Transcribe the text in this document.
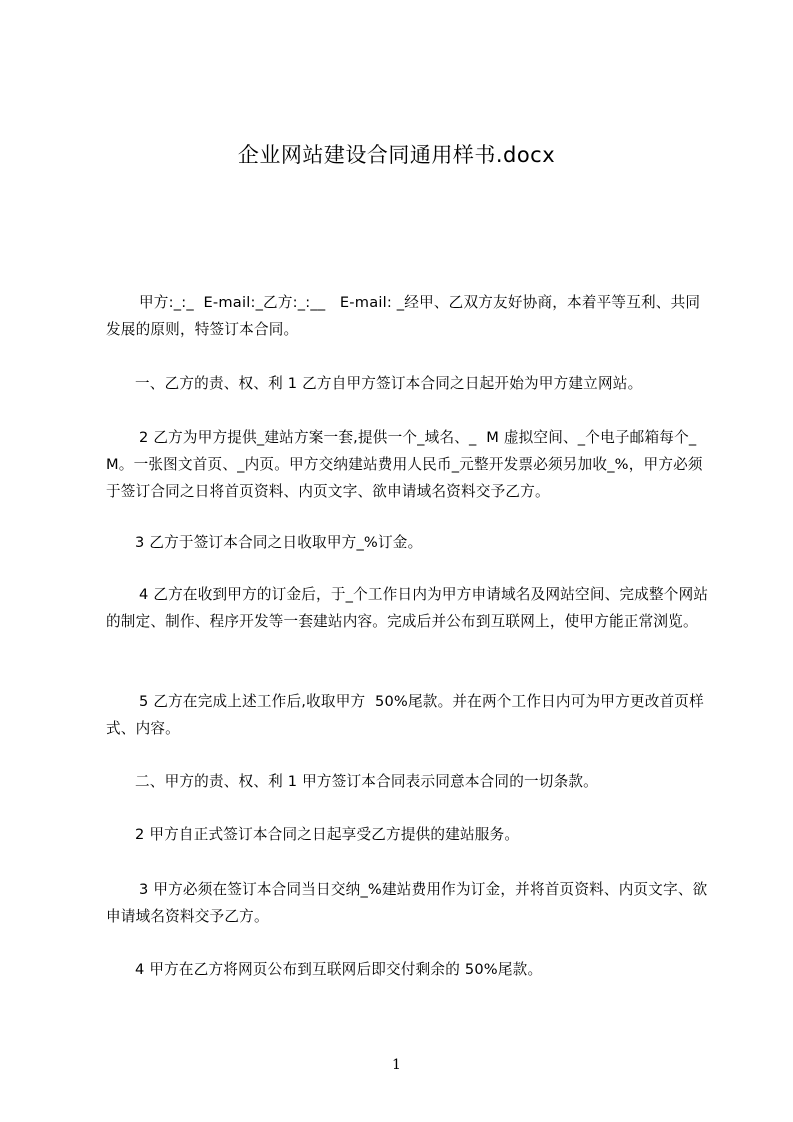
企业网站建设合同通用样书.docx

甲方:_:_  E-mail:_乙方:_:__   E-mail: _经甲、乙双方友好协商，本着平等互利、共同发展的原则，特签订本合同。

一、乙方的责、权、利 1 乙方自甲方签订本合同之日起开始为甲方建立网站。

2 乙方为甲方提供_建站方案一套,提供一个_域名、_  M 虚拟空间、_个电子邮箱每个_M。一张图文首页、_内页。甲方交纳建站费用人民币_元整开发票必须另加收_%，甲方必须于签订合同之日将首页资料、内页文字、欲申请域名资料交予乙方。

3 乙方于签订本合同之日收取甲方_%订金。

4 乙方在收到甲方的订金后，于_个工作日内为甲方申请域名及网站空间、完成整个网站的制定、制作、程序开发等一套建站内容。完成后并公布到互联网上，使甲方能正常浏览。

5 乙方在完成上述工作后,收取甲方  50%尾款。并在两个工作日内可为甲方更改首页样式、内容。

二、甲方的责、权、利 1 甲方签订本合同表示同意本合同的一切条款。

2 甲方自正式签订本合同之日起享受乙方提供的建站服务。

3 甲方必须在签订本合同当日交纳_%建站费用作为订金，并将首页资料、内页文字、欲申请域名资料交予乙方。

4 甲方在乙方将网页公布到互联网后即交付剩余的 50%尾款。

1
